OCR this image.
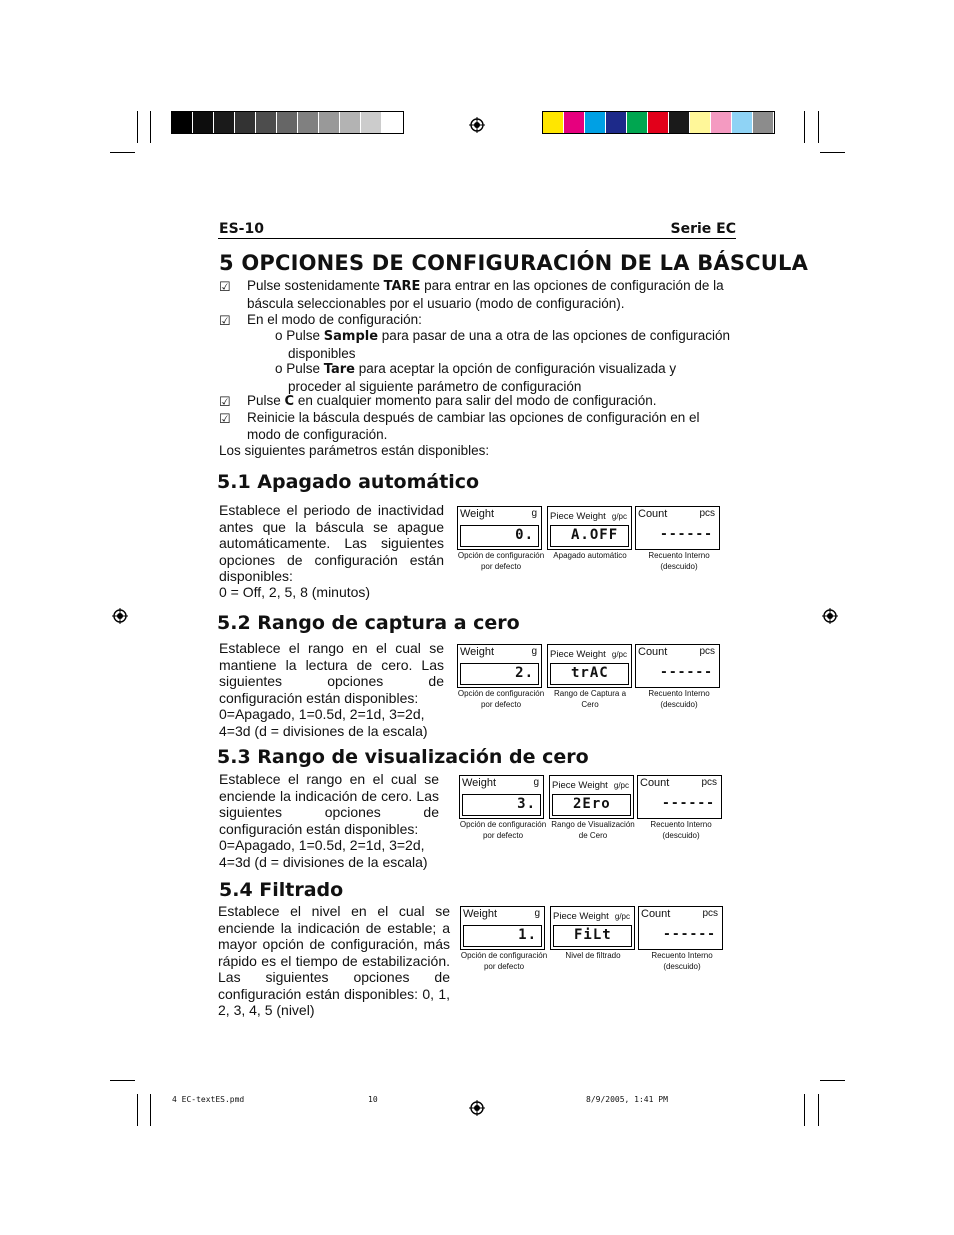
ES-10	Serie EC
5 OPCIONES DE CONFIGURACIÓN DE LA BÁSCULA
☑ Pulse sostenidamente TARE para entrar en las opciones de configuración de la
báscula seleccionables por el usuario (modo de configuración).
☑ En el modo de configuración:
o Pulse Sample para pasar de una a otra de las opciones de configuración
disponibles
o Pulse Tare para aceptar la opción de configuración visualizada y
proceder al siguiente parámetro de configuración
☑ Pulse C en cualquier momento para salir del modo de configuración.
☑ Reinicie la báscula después de cambiar las opciones de configuración en el
modo de configuración.
Los siguientes parámetros están disponibles:
5.1 Apagado automático
Establece el periodo de inactividad antes que la báscula se apague automáticamente. Las siguientes opciones de configuración están disponibles:
0 = Off, 2, 5, 8 (minutos)
Weight	g
0.
Piece Weight g/pc
A.OFF
Count	pcs
------
Opción de configuración por defecto
Apagado automático	Recuento Interno (descuido)
5.2 Rango de captura a cero
Establece el rango en el cual se mantiene la lectura de cero. Las siguientes opciones de configuración están disponibles:
0=Apagado, 1=0.5d, 2=1d, 3=2d, 4=3d (d = divisiones de la escala)
Weight	g
2.
Piece Weight g/pc
trAC
Count	pcs
------
Opción de configuración por defecto
Rango de Captura a Cero
Recuento Interno (descuido)
5.3 Rango de visualización de cero
Establece el rango en el cual se enciende la indicación de cero. Las siguientes opciones de configuración están disponibles:
0=Apagado, 1=0.5d, 2=1d, 3=2d, 4=3d (d = divisiones de la escala)
Weight	g
3.
Piece Weight g/pc
2Ero
Count	pcs
------
Opción de configuración por defecto
Rango de Visualización de Cero
Recuento Interno (descuido)
5.4 Filtrado
Establece el nivel en el cual se enciende la indicación de estable; a mayor opción de configuración, más rápido es el tiempo de estabilización. Las siguientes opciones de configuración están disponibles: 0, 1, 2, 3, 4, 5 (nivel)
Weight	g
1.
Piece Weight g/pc
FiLt
Count	pcs
------
Opción de configuración por defecto
Nivel de filtrado	Recuento Interno (descuido)
4 EC-textES.pmd	10	8/9/2005, 1:41 PM
